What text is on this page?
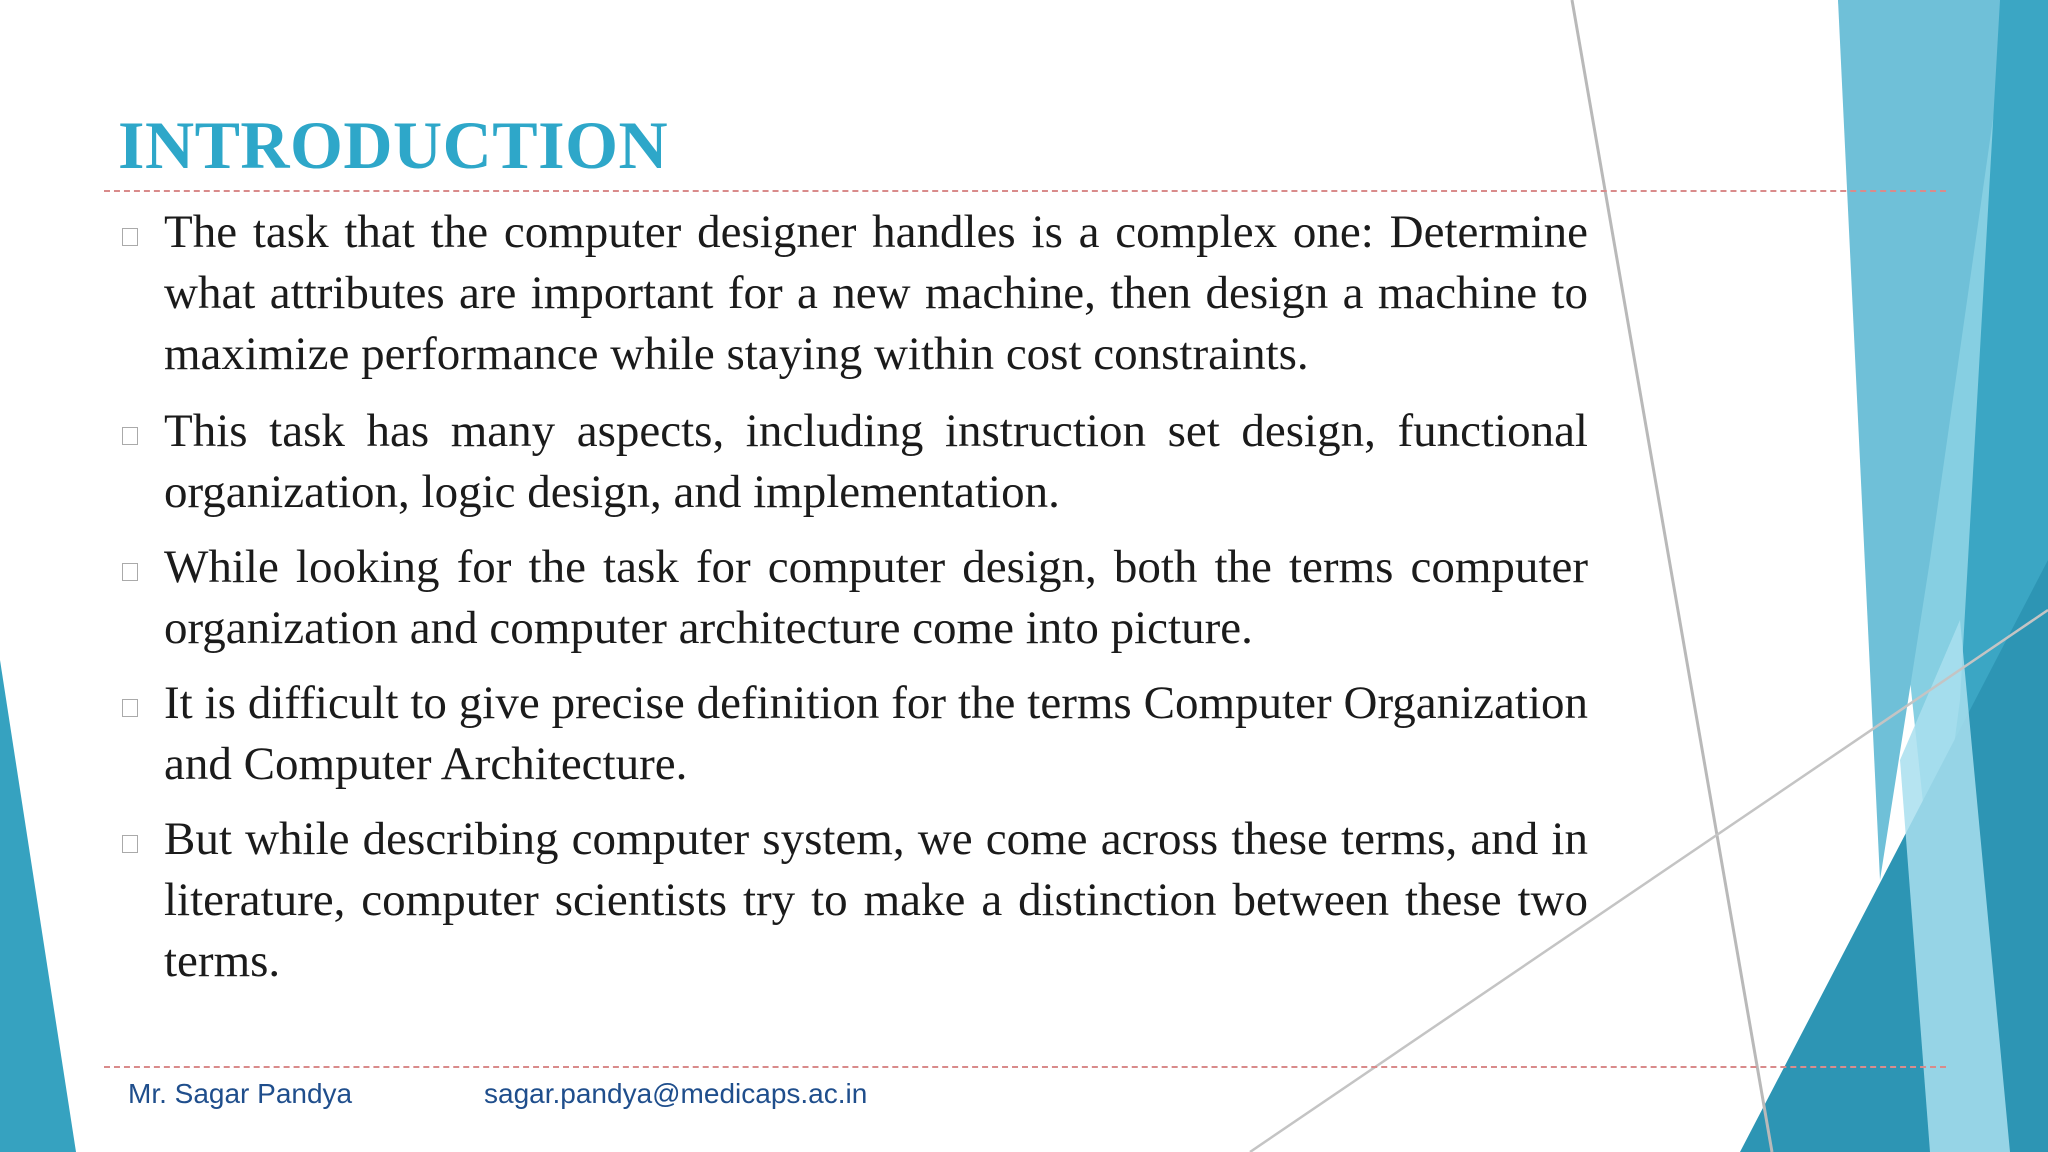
INTRODUCTION
The task that the computer designer handles is a complex one: Determine what attributes are important for a new machine, then design a machine to maximize performance while staying within cost constraints.
This task has many aspects, including instruction set design, functional organization, logic design, and implementation.
While looking for the task for computer design, both the terms computer organization and computer architecture come into picture.
It is difficult to give precise definition for the terms Computer Organization and Computer Architecture.
But while describing computer system, we come across these terms, and in literature, computer scientists try to make a distinction between these two terms.
Mr. Sagar Pandya	sagar.pandya@medicaps.ac.in
